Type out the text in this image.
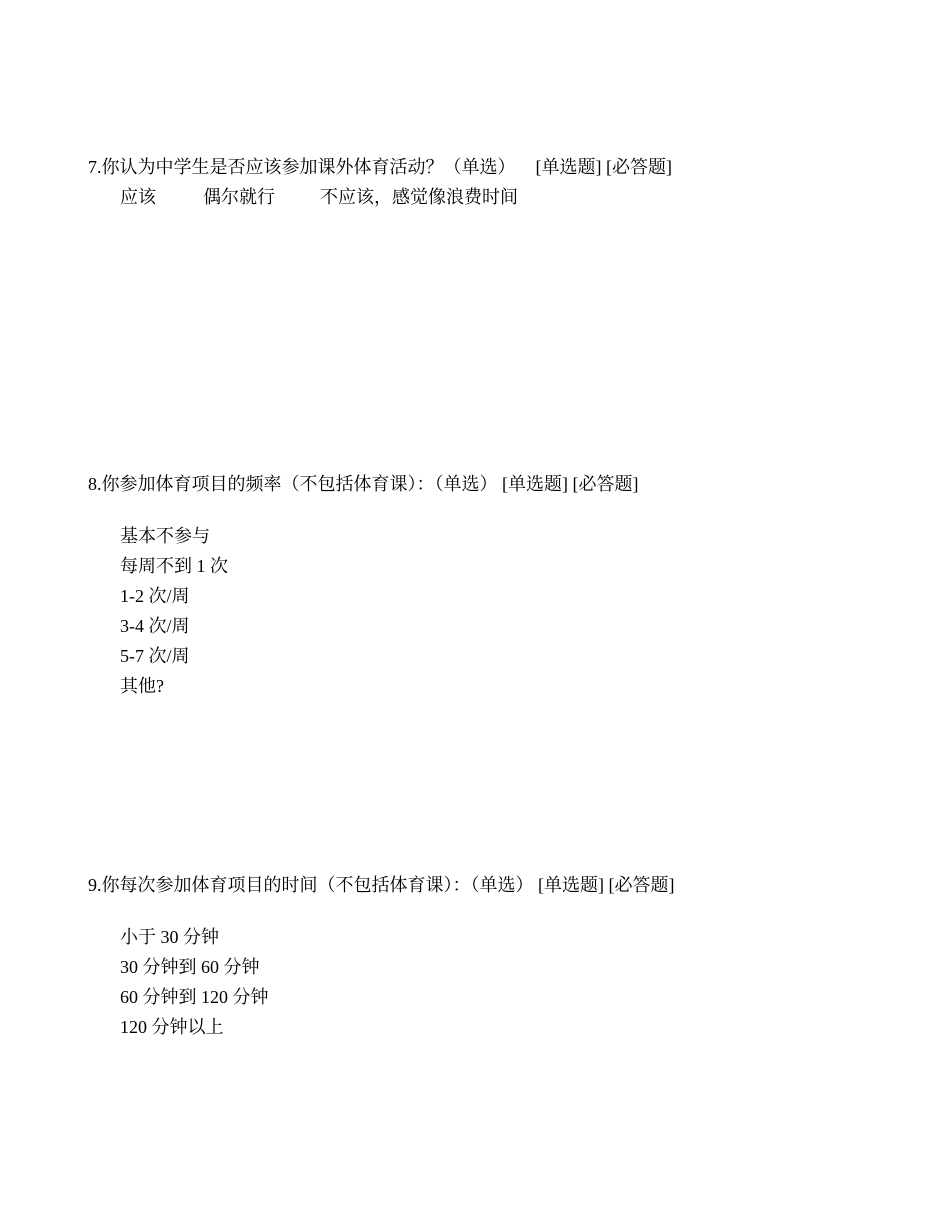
7.你认为中学生是否应该参加课外体育活动？（单选） [单选题] [必答题]
应该	偶尔就行	不应该，感觉像浪费时间
8.你参加体育项目的频率（不包括体育课）：（单选） [单选题] [必答题]
基本不参与
每周不到 1 次
1-2 次/周
3-4 次/周
5-7 次/周
其他?
9.你每次参加体育项目的时间（不包括体育课）：（单选） [单选题] [必答题]
小于 30 分钟
30 分钟到 60 分钟
60 分钟到 120 分钟
120 分钟以上
